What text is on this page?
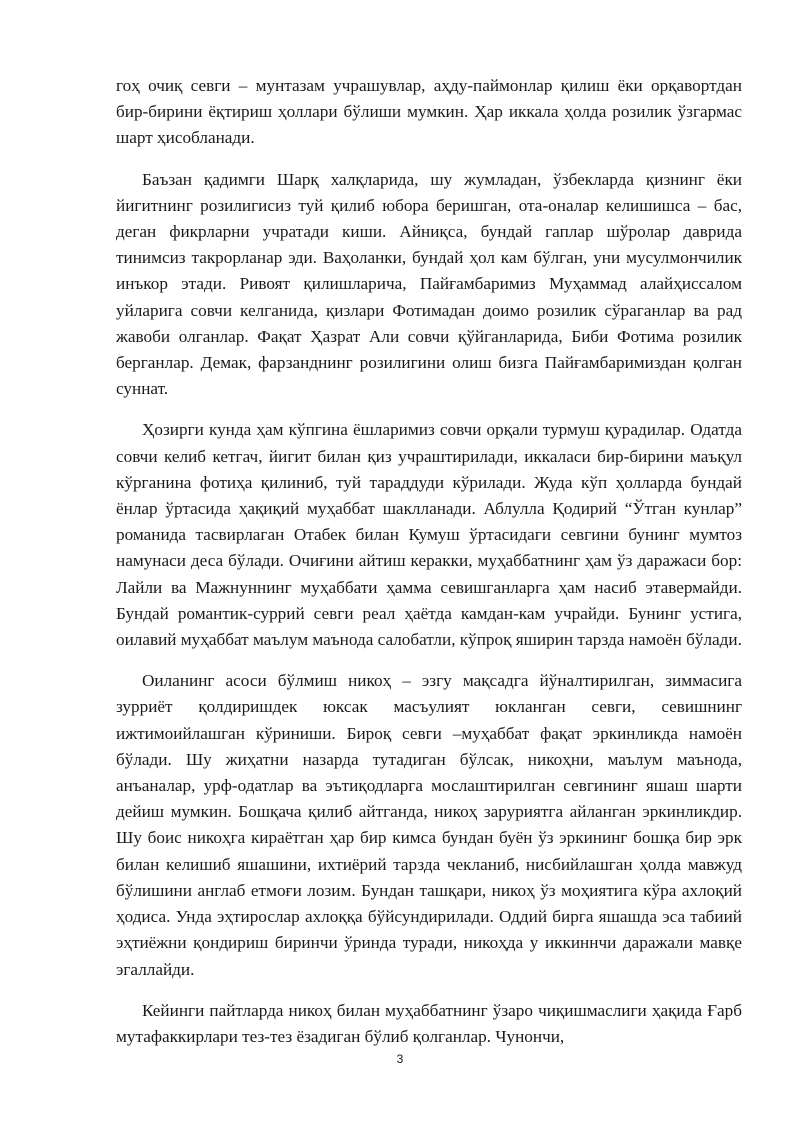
гоҳ очиқ севги – мунтазам учрашувлар, аҳду-паймонлар қилиш ёки орқавортдан бир-бирини ёқтириш ҳоллари бўлиши мумкин. Ҳар иккала ҳолда розилик ўзгармас шарт ҳисобланади.

Баъзан қадимги Шарқ халқларида, шу жумладан, ўзбекларда қизнинг ёки йигитнинг розилигисиз туй қилиб юбора беришган, ота-оналар келишишса – бас, деган фикрларни учратади киши. Айниқса, бундай гаплар шўролар даврида тинимсиз такрорланар эди. Ваҳоланки, бундай ҳол кам бўлган, уни мусулмончилик инъкор этади. Ривоят қилишларича, Пайғамбаримиз Муҳаммад алайҳиссалом уйларига совчи келганида, қизлари Фотимадан доимо розилик сўраганлар ва рад жавоби олганлар. Фақат Ҳазрат Али совчи қўйганларида, Биби Фотима розилик берганлар. Демак, фарзанднинг розилигини олиш бизга Пайғамбаримиздан қолган суннат.

Ҳозирги кунда ҳам кўпгина ёшларимиз совчи орқали турмуш қурадилар. Одатда совчи келиб кетгач, йигит билан қиз учраштирилади, иккаласи бир-бирини маъқул кўрганина фотиҳа қилиниб, туй тараддуди кўрилади. Жуда кўп ҳолларда бундай ёнлар ўртасида ҳақиқий муҳаббат шаклланади. Аблулла Қодирий “Ўтган кунлар” романида тасвирлаган Отабек билан Кумуш ўртасидаги севгини бунинг мумтоз намунаси деса бўлади. Очиғини айтиш керакки, муҳаббатнинг ҳам ўз даражаси бор: Лайли ва Мажнуннинг муҳаббати ҳамма севишганларга ҳам насиб этавермайди. Бундай романтик-суррий севги реал ҳаётда камдан-кам учрайди. Бунинг устига, оилавий муҳаббат маълум маънода салобатли, кўпроқ яширин тарзда намоён бўлади.

Оиланинг асоси бўлмиш никоҳ – эзгу мақсадга йўналтирилган, зиммасига зурриёт қолдиришдек юксак масъулият юкланган севги, севишнинг ижтимоийлашган кўриниши. Бироқ севги –муҳаббат фақат эркинликда намоён бўлади. Шу жиҳатни назарда тутадиган бўлсак, никоҳни, маълум маънода, анъаналар, урф-одатлар ва эътиқодларга мослаштирилган севгининг яшаш шарти дейиш мумкин. Бошқача қилиб айтганда, никоҳ заруриятга айланган эркинликдир. Шу боис никоҳга кираётган ҳар бир кимса бундан буён ўз эркининг бошқа бир эрк билан келишиб яшашини, ихтиёрий тарзда чекланиб, нисбийлашган ҳолда мавжуд бўлишини англаб етмоғи лозим. Бундан ташқари, никоҳ ўз моҳиятига кўра ахлоқий ҳодиса. Унда эҳтирослар ахлоққа бўйсундирилади. Оддий бирга яшашда эса табиий эҳтиёжни қондириш биринчи ўринда туради, никоҳда у иккиннчи даражали мавқе эгаллайди.

Кейинги пайтларда никоҳ билан муҳаббатнинг ўзаро чиқишмаслиги ҳақида Ғарб мутафаккирлари тез-тез ёзадиган бўлиб қолганлар. Чунончи,

3
